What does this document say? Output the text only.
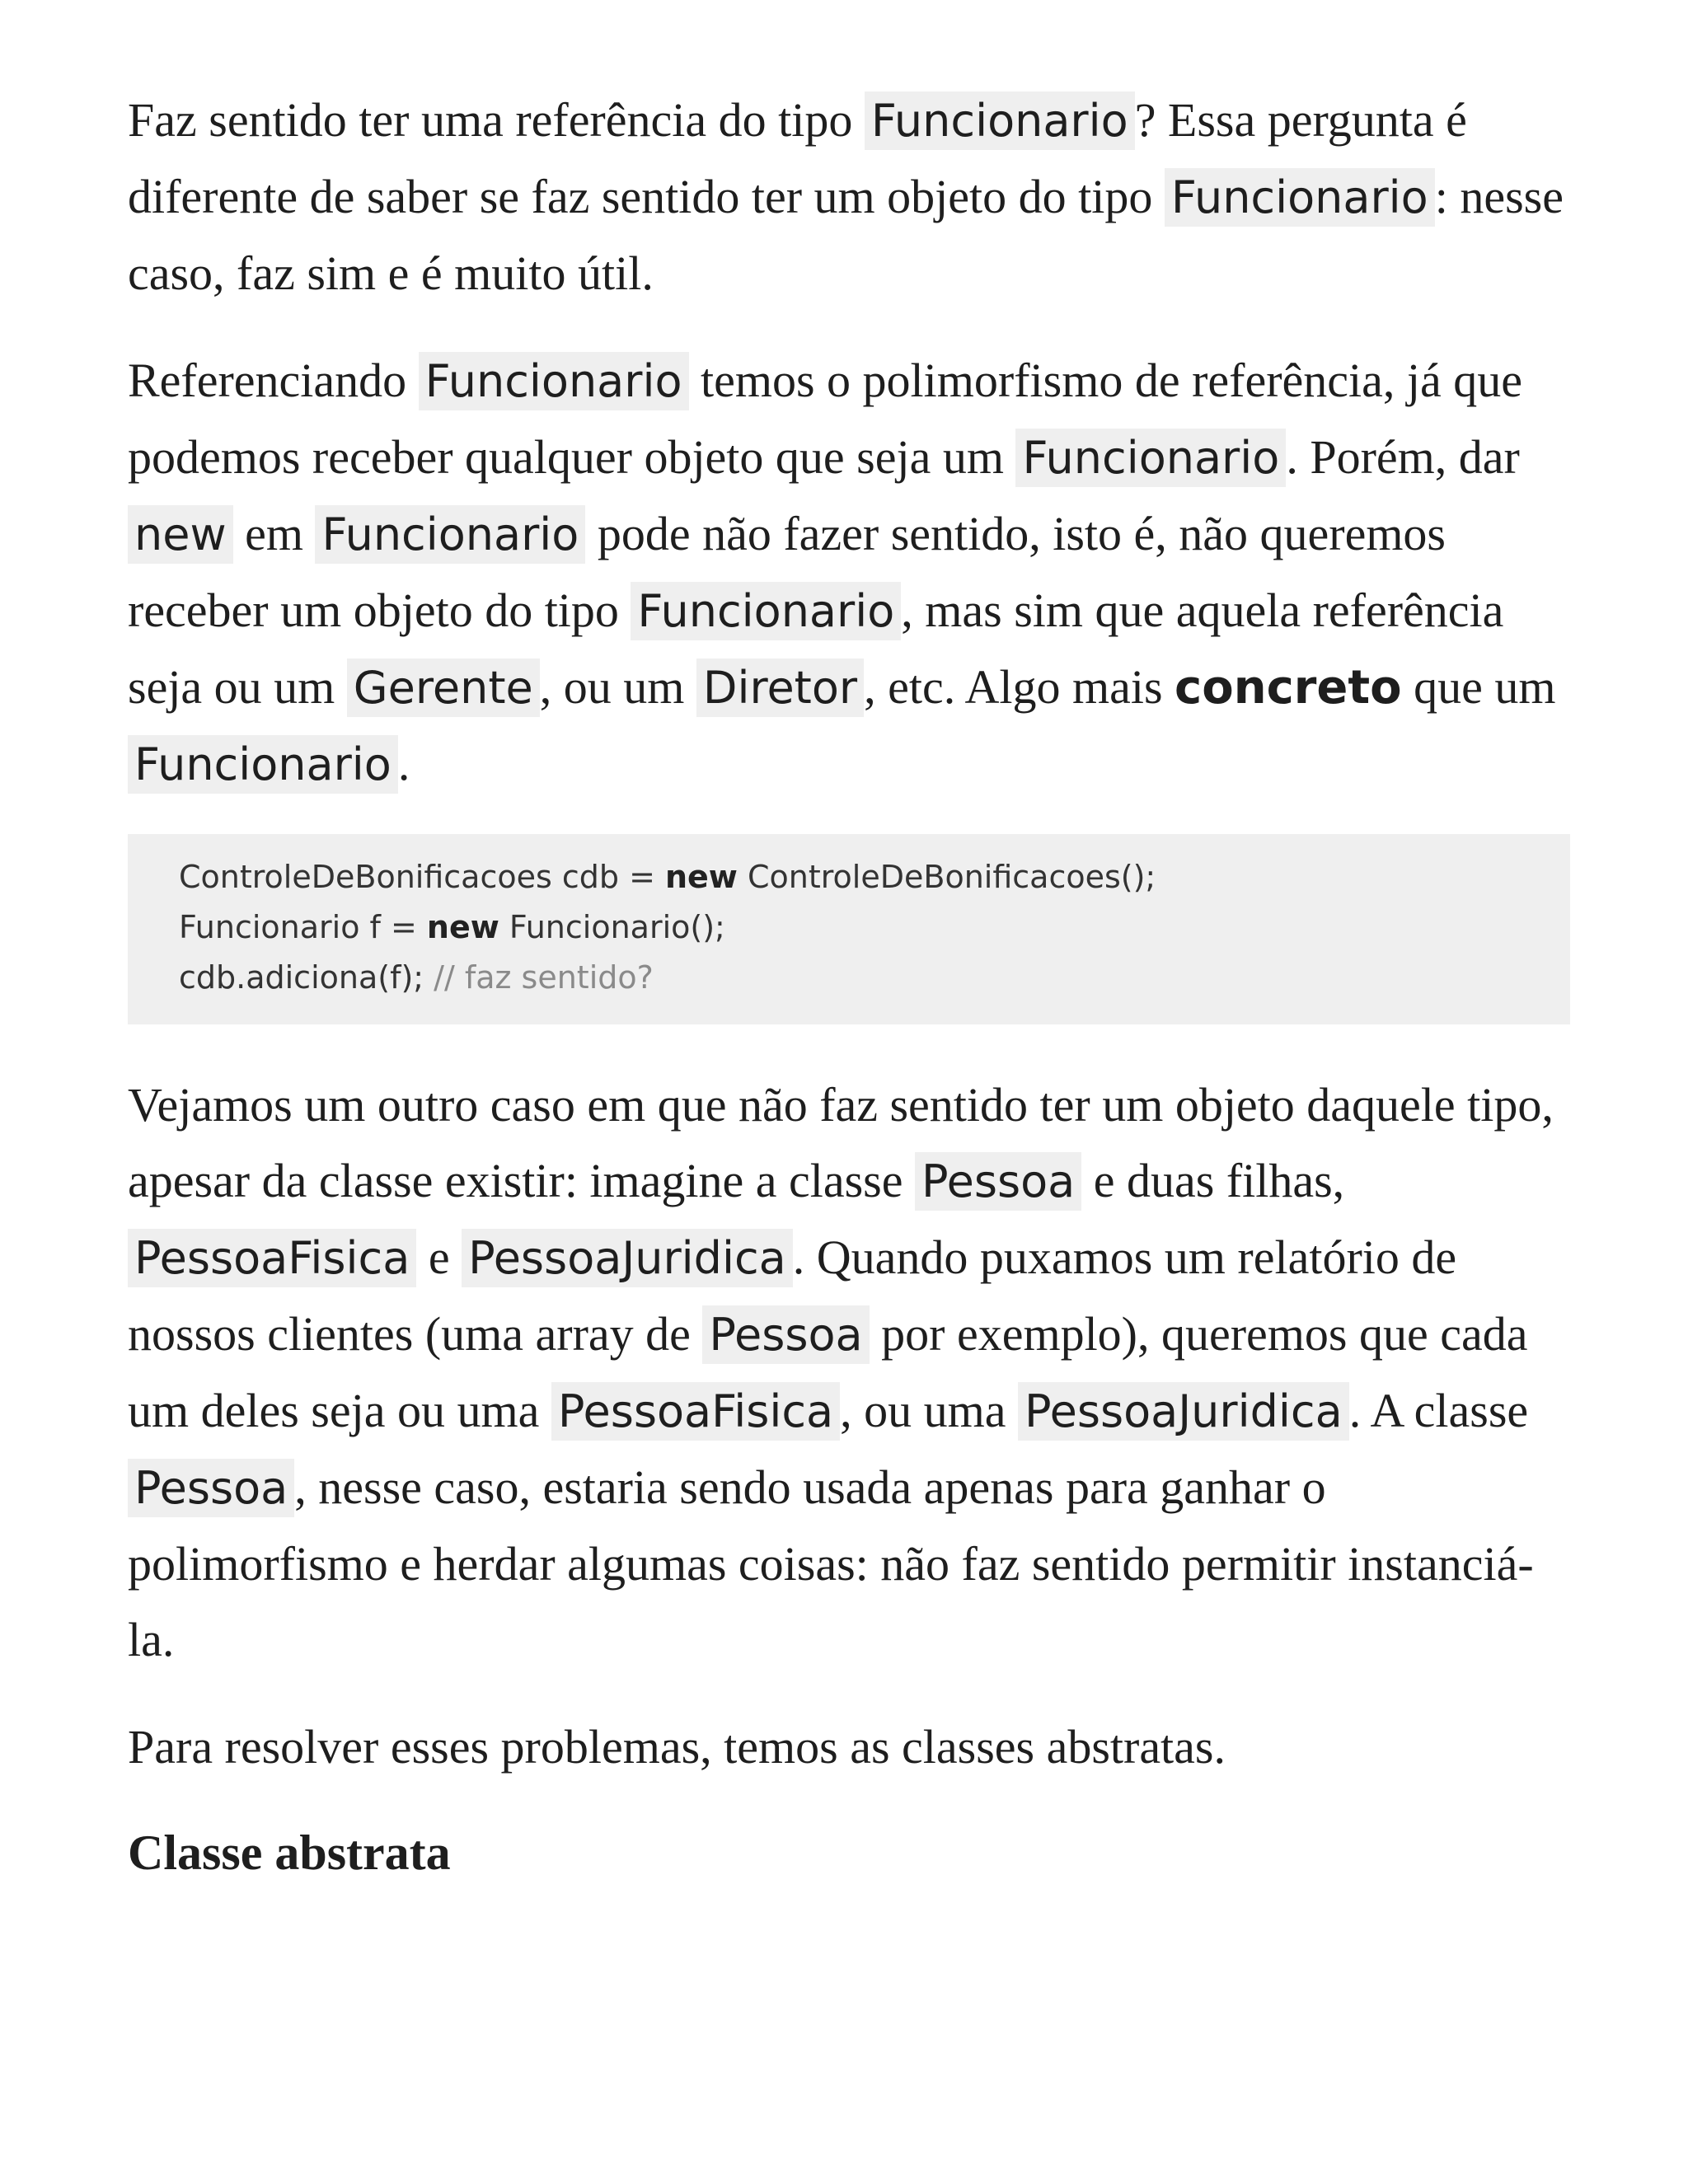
Faz sentido ter uma referência do tipo Funcionario ? Essa pergunta é diferente de saber se faz sentido ter um objeto do tipo Funcionario : nesse caso, faz sim e é muito útil.

Referenciando Funcionario temos o polimorfismo de referência, já que podemos receber qualquer objeto que seja um Funcionario . Porém, dar new em Funcionario pode não fazer sentido, isto é, não queremos receber um objeto do tipo Funcionario , mas sim que aquela referência seja ou um Gerente , ou um Diretor , etc. Algo mais concreto que um Funcionario .

ControleDeBonificacoes cdb = new ControleDeBonificacoes();
Funcionario f = new Funcionario();
cdb.adiciona(f); // faz sentido?

Vejamos um outro caso em que não faz sentido ter um objeto daquele tipo, apesar da classe existir: imagine a classe Pessoa e duas filhas, PessoaFisica e PessoaJuridica . Quando puxamos um relatório de nossos clientes (uma array de Pessoa por exemplo), queremos que cada um deles seja ou uma PessoaFisica , ou uma PessoaJuridica . A classe Pessoa , nesse caso, estaria sendo usada apenas para ganhar o polimorfismo e herdar algumas coisas: não faz sentido permitir instanciá-la.

Para resolver esses problemas, temos as classes abstratas.

Classe abstrata
